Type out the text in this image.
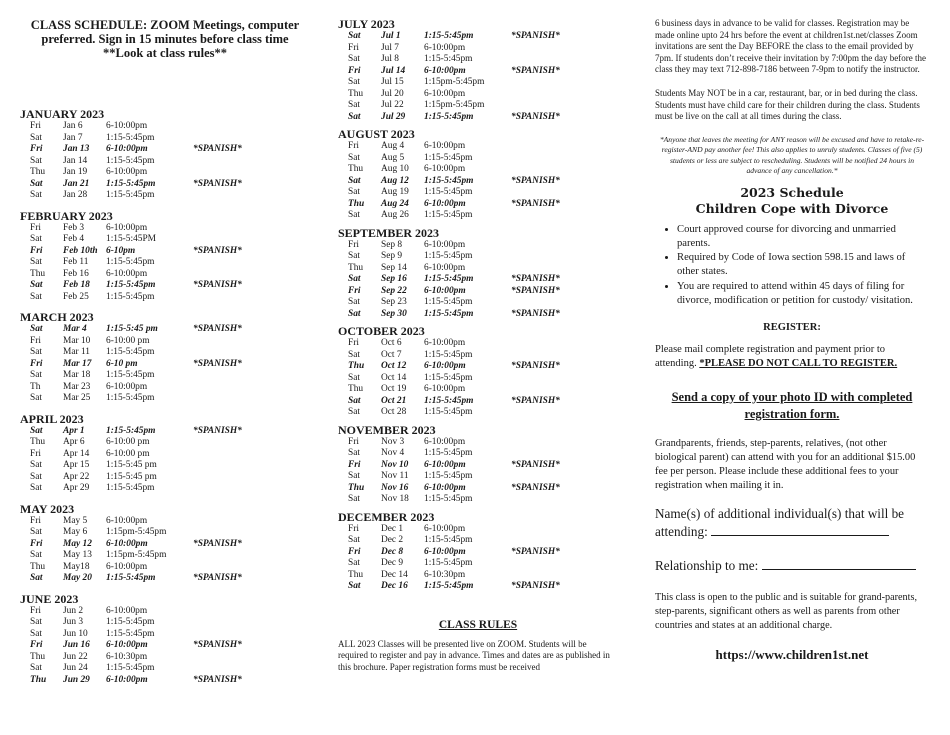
CLASS SCHEDULE: ZOOM Meetings, computer
preferred. Sign in 15 minutes before class time
**Look at class rules**
JANUARY 2023
Fri	Jan 6	6-10:00pm
Sat	Jan 7	1:15-5:45pm
Fri	Jan 13	6-10:00pm	*SPANISH*
Sat	Jan 14	1:15-5:45pm
Thu	Jan 19	6-10:00pm
Sat	Jan 21	1:15-5:45pm	*SPANISH*
Sat	Jan 28	1:15-5:45pm
FEBRUARY 2023
Fri	Feb 3	6-10:00pm
Sat	Feb 4	1:15-5:45PM
Fri	Feb 10th 6-10pm	*SPANISH*
Sat	Feb 11	1:15-5:45pm
Thu	Feb 16	6-10:00pm
Sat	Feb 18	1:15-5:45pm	*SPANISH*
Sat	Feb 25	1:15-5:45pm
MARCH 2023
Sat	Mar 4	1:15-5:45 pm	*SPANISH*
Fri	Mar 10	6-10:00 pm
Sat	Mar 11	1:15-5:45pm
Fri	Mar 17	6-10 pm	*SPANISH*
Sat	Mar 18	1:15-5:45pm
Th	Mar 23	6-10:00pm
Sat	Mar 25	1:15-5:45pm
APRIL 2023
Sat	Apr 1	1:15-5:45pm	*SPANISH*
Thu	Apr 6	6-10:00 pm
Fri	Apr 14	6-10:00 pm
Sat	Apr 15	1:15-5:45 pm
Sat	Apr 22	1:15-5:45 pm
Sat	Apr 29	1:15-5:45pm
MAY 2023
Fri	May 5	6-10:00pm
Sat	May 6	1:15pm-5:45pm
Fri	May 12	6-10:00pm	*SPANISH*
Sat	May 13	1:15pm-5:45pm
Thu	May18	6-10:00pm
Sat	May 20	1:15-5:45pm	*SPANISH*
JUNE 2023
Fri	Jun 2	6-10:00pm
Sat	Jun 3	1:15-5:45pm
Sat	Jun 10	1:15-5:45pm
Fri	Jun 16	6-10:00pm	*SPANISH*
Thu	Jun 22	6-10:30pm
Sat	Jun 24	1:15-5:45pm
Thu	Jun 29	6-10:00pm	*SPANISH*
JULY 2023
Sat	Jul 1	1:15-5:45pm	*SPANISH*
Fri	Jul 7	6-10:00pm
Sat	Jul 8	1:15-5:45pm
Fri	Jul 14	6-10:00pm	*SPANISH*
Sat	Jul 15	1:15pm-5:45pm
Thu	Jul 20	6-10:00pm
Sat	Jul 22	1:15pm-5:45pm
Sat	Jul 29	1:15-5:45pm	*SPANISH*
AUGUST 2023
Fri	Aug 4	6-10:00pm
Sat	Aug 5	1:15-5:45pm
Thu	Aug 10	6-10:00pm
Sat	Aug 12	1:15-5:45pm	*SPANISH*
Sat	Aug 19	1:15-5:45pm
Thu	Aug 24	6-10:00pm	*SPANISH*
Sat	Aug 26	1:15-5:45pm
SEPTEMBER 2023
Fri	Sep 8	6-10:00pm
Sat	Sep 9	1:15-5:45pm
Thu	Sep 14	6-10:00pm
Sat	Sep 16	1:15-5:45pm	*SPANISH*
Fri	Sep 22	6-10:00pm	*SPANISH*
Sat	Sep 23	1:15-5:45pm
Sat	Sep 30	1:15-5:45pm	*SPANISH*
OCTOBER 2023
Fri	Oct 6	6-10:00pm
Sat	Oct 7	1:15-5:45pm
Thu	Oct 12	6-10:00pm	*SPANISH*
Sat	Oct 14	1:15-5:45pm
Thu	Oct 19	6-10:00pm
Sat	Oct 21	1:15-5:45pm	*SPANISH*
Sat	Oct 28	1:15-5:45pm
NOVEMBER 2023
Fri	Nov 3	6-10:00pm
Sat	Nov 4	1:15-5:45pm
Fri	Nov 10	6-10:00pm	*SPANISH*
Sat	Nov 11	1:15-5:45pm
Thu	Nov 16	6-10:00pm	*SPANISH*
Sat	Nov 18	1:15-5:45pm
DECEMBER 2023
Fri	Dec 1	6-10:00pm
Sat	Dec 2	1:15-5:45pm
Fri	Dec 8	6-10:00pm	*SPANISH*
Sat	Dec 9	1:15-5:45pm
Thu	Dec 14	6-10:30pm
Sat	Dec 16	1:15-5:45pm	*SPANISH*
CLASS RULES

ALL 2023 Classes will be presented live on ZOOM. Students will be required to register and pay in advance. Times and dates are as published in this brochure. Paper registration forms must be received

6 business days in advance to be valid for classes. Registration may be made online upto 24 hrs before the event at children1st.net/classes Zoom invitations are sent the Day BEFORE the class to the email provided by 7pm. If students don’t receive their invitation by 7:00pm the day before the class they may text 712-898-7186 between 7-9pm to notify the instructor.

Students May NOT be in a car, restaurant, bar, or in bed during the class. Students must have child care for their children during the class. Students must be live on the call at all times during the class.

*Anyone that leaves the meeting for ANY reason will be excused and have to retake-re-register-AND pay another fee! This also applies to unruly students. Classes of five (5) students or less are subject to rescheduling. Students will be notified 24 hours in advance of any cancellation.*

2023 Schedule
Children Cope with Divorce
• Court approved course for divorcing and unmarried parents.
• Required by Code of Iowa section 598.15 and laws of other states.
• You are required to attend within 45 days of filing for divorce, modification or petition for custody/ visitation.
REGISTER:

Please mail complete registration and payment prior to attending. *PLEASE DO NOT CALL TO REGISTER.

Send a copy of your photo ID with completed registration form.

Grandparents, friends, step-parents, relatives, (not other biological parent) can attend with you for an additional $15.00 fee per person. Please include these additional fees to your registration when mailing it in.

Name(s) of additional individual(s) that will be attending:

Relationship to me:

This class is open to the public and is suitable for grand-parents, step-parents, significant others as well as parents from other countries and states at an additional charge.

https://www.children1st.net
